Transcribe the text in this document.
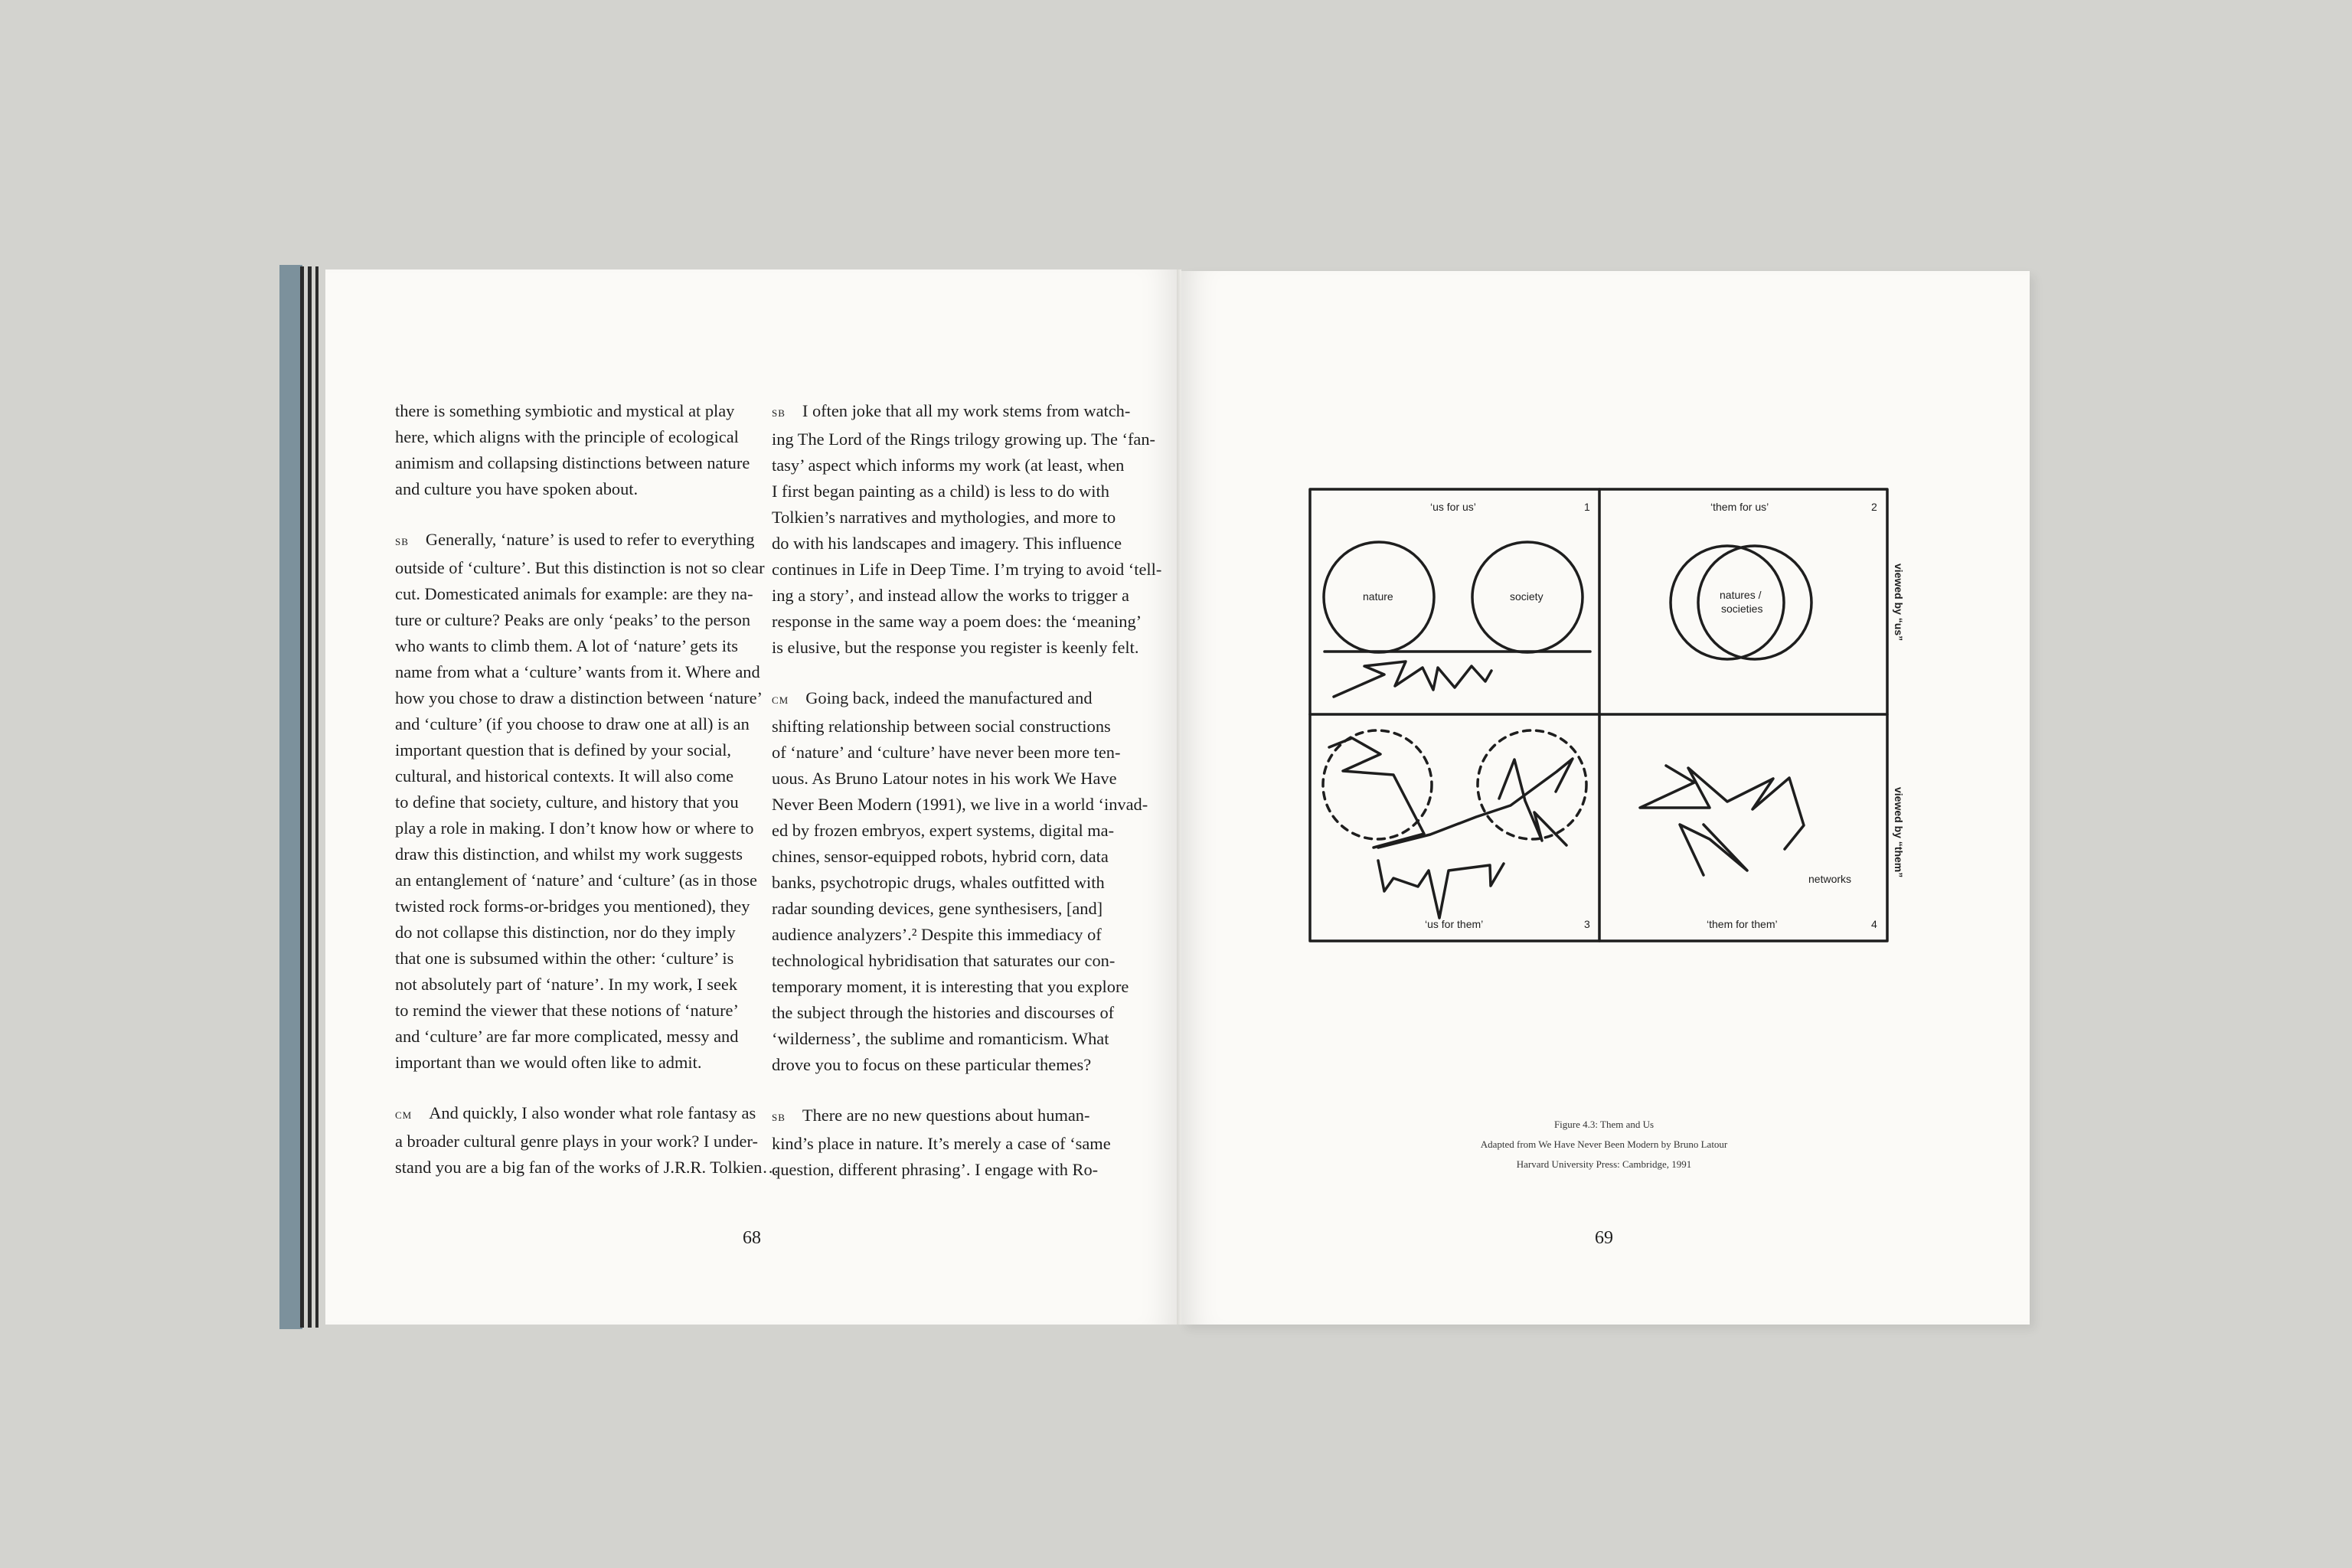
there is something symbiotic and mystical at play
here, which aligns with the principle of ecological
animism and collapsing distinctions between nature
and culture you have spoken about.
SB Generally, ‘nature’ is used to refer to everything
outside of ‘culture’. But this distinction is not so clear
cut. Domesticated animals for example: are they na-
ture or culture? Peaks are only ‘peaks’ to the person
who wants to climb them. A lot of ‘nature’ gets its
name from what a ‘culture’ wants from it. Where and
how you chose to draw a distinction between ‘nature’
and ‘culture’ (if you choose to draw one at all) is an
important question that is defined by your social,
cultural, and historical contexts. It will also come
to define that society, culture, and history that you
play a role in making. I don’t know how or where to
draw this distinction, and whilst my work suggests
an entanglement of ‘nature’ and ‘culture’ (as in those
twisted rock forms-or-bridges you mentioned), they
do not collapse this distinction, nor do they imply
that one is subsumed within the other: ‘culture’ is
not absolutely part of ‘nature’. In my work, I seek
to remind the viewer that these notions of ‘nature’
and ‘culture’ are far more complicated, messy and
important than we would often like to admit.
CM And quickly, I also wonder what role fantasy as
a broader cultural genre plays in your work? I under-
stand you are a big fan of the works of J.R.R. Tolkien…
SB I often joke that all my work stems from watch-
ing The Lord of the Rings trilogy growing up. The ‘fan-
tasy’ aspect which informs my work (at least, when
I first began painting as a child) is less to do with
Tolkien’s narratives and mythologies, and more to
do with his landscapes and imagery. This influence
continues in Life in Deep Time. I’m trying to avoid ‘tell-
ing a story’, and instead allow the works to trigger a
response in the same way a poem does: the ‘meaning’
is elusive, but the response you register is keenly felt.
CM Going back, indeed the manufactured and
shifting relationship between social constructions
of ‘nature’ and ‘culture’ have never been more ten-
uous. As Bruno Latour notes in his work We Have
Never Been Modern (1991), we live in a world ‘invad-
ed by frozen embryos, expert systems, digital ma-
chines, sensor-equipped robots, hybrid corn, data
banks, psychotropic drugs, whales outfitted with
radar sounding devices, gene synthesisers, [and]
audience analyzers’.² Despite this immediacy of
technological hybridisation that saturates our con-
temporary moment, it is interesting that you explore
the subject through the histories and discourses of
‘wilderness’, the sublime and romanticism. What
drove you to focus on these particular themes?
SB There are no new questions about human-
kind’s place in nature. It’s merely a case of ‘same
question, different phrasing’. I engage with Ro-
68
‘us for us’	1	‘them for us’	2
‘us for them’	3	‘them for them’	4
nature	society	natures /
societies
networks
viewed by “us”
viewed by “them”
Figure 4.3: Them and Us
Adapted from We Have Never Been Modern by Bruno Latour
Harvard University Press: Cambridge, 1991
69
